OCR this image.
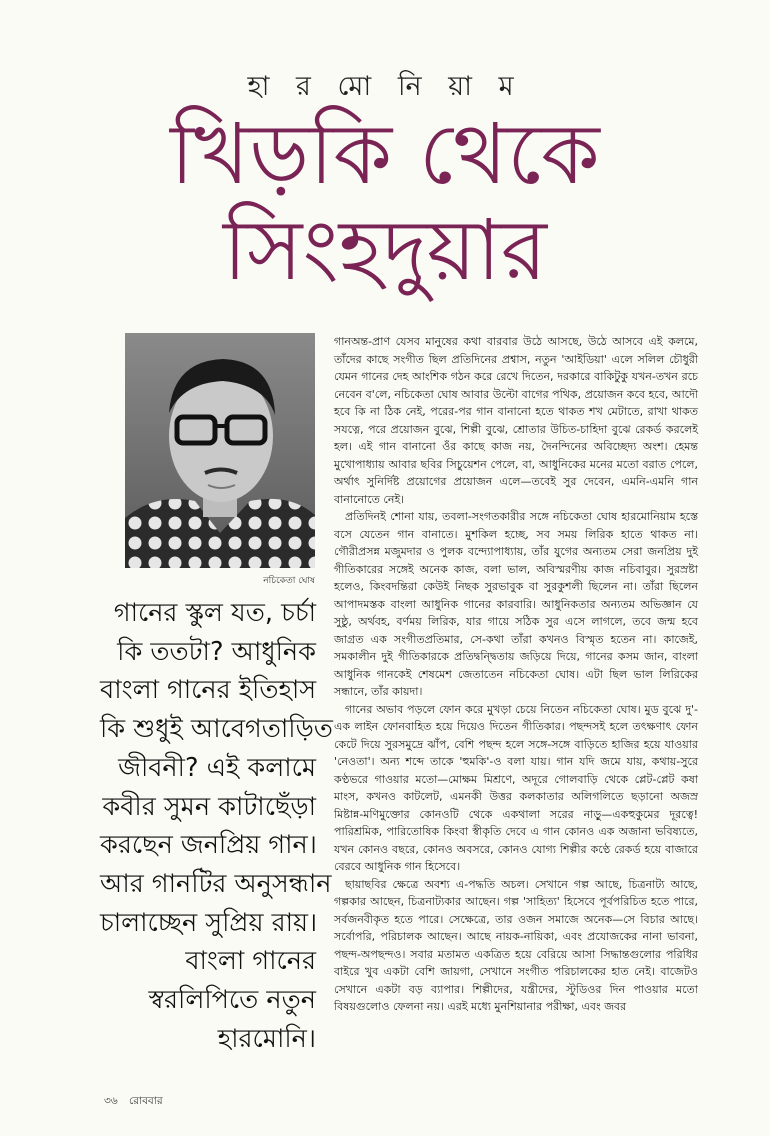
হা র মো নি য়া ম
খিড়কি থেকে
সিংহদুয়ার
নচিকেতা ঘোষ
গানের স্কুল যত, চর্চা
কি ততটা? আধুনিক
বাংলা গানের ইতিহাস
কি শুধুই আবেগতাড়িত
জীবনী? এই কলামে
কবীর সুমন কাটাছেঁড়া
করছেন জনপ্রিয় গান।
আর গানটির অনুসন্ধান
চালাচ্ছেন সুপ্রিয় রায়।
বাংলা গানের
স্বরলিপিতে নতুন
হারমোনি।

গানঅন্ত-প্রাণ যেসব মানুষের কথা বারবার উঠে আসছে, উঠে আসবে এই কলমে, তাঁদের কাছে সংগীত ছিল প্রতিদিনের প্রশ্বাস, নতুন 'আইডিয়া' এলে সলিল চৌধুরী যেমন গানের দেহ আংশিক গঠন করে রেখে দিতেন, দরকারে বাকিটুকু যখন-তখন রচে নেবেন ব'লে, নচিকেতা ঘোষ আবার উল্টো বাগের পথিক, প্রয়োজন কবে হবে, আদৌ হবে কি না ঠিক নেই, পরের-পর গান বানানো হতে থাকত শখ মেটাতে, রাখা থাকত সযত্নে, পরে প্রয়োজন বুঝে, শিল্পী বুঝে, শ্রোতার উচিত-চাহিদা বুঝে রেকর্ড করলেই হল। এই গান বানানো ওঁর কাছে কাজ নয়, দৈনন্দিনের অবিচ্ছেদ্য অংশ। হেমন্ত মুখোপাধ্যায় আবার ছবির সিচুয়েশন পেলে, বা, আধুনিকের মনের মতো বরাত পেলে, অর্থাৎ সুনির্দিষ্ট প্রয়োগের প্রয়োজন এলে—তবেই সুর দেবেন, এমনি-এমনি গান বানানোতে নেই।

প্রতিদিনই শোনা যায়, তবলা-সংগতকারীর সঙ্গে নচিকেতা ঘোষ হারমোনিয়াম হস্তে বসে যেতেন গান বানাতে। মুশকিল হচ্ছে, সব সময় লিরিক হাতে থাকত না। গৌরীপ্রসন্ন মজুমদার ও পুলক বন্দ্যোপাধ্যায়, তাঁর যুগের অন্যতম সেরা জনপ্রিয় দুই গীতিকারের সঙ্গেই অনেক কাজ, বলা ভাল, অবিস্মরণীয় কাজ নচিবাবুর। সুরস্রষ্টা হলেও, কিংবদন্তিরা কেউই নিছক সুরভাবুক বা সুরকুশলী ছিলেন না। তাঁরা ছিলেন আপাদমস্তক বাংলা আধুনিক গানের কারবারি। আধুনিকতার অন্যতম অভিজ্ঞান যে সুষ্ঠু, অর্থবহ, বর্ণময় লিরিক, যার গায়ে সঠিক সুর এসে লাগলে, তবে জন্ম হবে জাগ্রত এক সংগীতপ্রতিমার, সে-কথা তাঁরা কখনও বিস্মৃত হতেন না। কাজেই, সমকালীন দুই গীতিকারকে প্রতিদ্বন্দ্বিতায় জড়িয়ে দিয়ে, গানের কসম জান, বাংলা আধুনিক গানকেই শেষমেশ জেতাতেন নচিকেতা ঘোষ। এটা ছিল ভাল লিরিকের সন্ধানে, তাঁর কায়দা।

গানের অভাব পড়লে ফোন করে মুখড়া চেয়ে নিতেন নচিকেতা ঘোষ। মুড বুঝে দু'-এক লাইন ফোনবাহিত হয়ে দিয়েও দিতেন গীতিকার। পছন্দসই হলে তৎক্ষণাৎ ফোন কেটে দিয়ে সুরসমুদ্রে ঝাঁপ, বেশি পছন্দ হলে সঙ্গে-সঙ্গে বাড়িতে হাজির হয়ে যাওয়ার 'নেওতা'। অন্য শব্দে তাকে 'হুমকি'-ও বলা যায়। গান যদি জমে যায়, কথায়-সুরে কণ্ঠভরে গাওয়ার মতো—মোক্ষম মিশ্রণে, অদূরে গোলবাড়ি থেকে প্লেট-প্লেট কষা মাংস, কখনও কাটলেট, এমনকী উত্তর কলকাতার অলিগলিতে ছড়ানো অজস্র মিষ্টান্ন-মণিমুক্তোর কোনওটি থেকে একথালা সরের নাড়ু—একহুকুমের দূরত্বে! পারিশ্রমিক, পারিতোষিক কিংবা স্বীকৃতি দেবে এ গান কোনও এক অজানা ভবিষ্যতে, যখন কোনও বছরে, কোনও অবসরে, কোনও যোগ্য শিল্পীর কণ্ঠে রেকর্ড হয়ে বাজারে বেরবে আধুনিক গান হিসেবে।

ছায়াছবির ক্ষেত্রে অবশ্য এ-পদ্ধতি অচল। সেখানে গল্প আছে, চিত্রনাট্য আছে, গল্পকার আছেন, চিত্রনাট্যকার আছেন। গল্প 'সাহিত্য' হিসেবে পূর্বপরিচিত হতে পারে, সর্বজনবীকৃত হতে পারে। সেক্ষেত্রে, তার ওজন সমাজে অনেক—সে বিচার আছে। সর্বোপরি, পরিচালক আছেন। আছে নায়ক-নায়িকা, এবং প্রযোজকের নানা ভাবনা, পছন্দ-অপছন্দও। সবার মতামত একত্রিত হয়ে বেরিয়ে আসা সিদ্ধান্তগুলোর পরিধির বাইরে খুব একটা বেশি জায়গা, সেখানে সংগীত পরিচালকের হাত নেই। বাজেটও সেখানে একটা বড় ব্যাপার। শিল্পীদের, যন্ত্রীদের, স্টুডিওর দিন পাওয়ার মতো বিষয়গুলোও ফেলনা নয়। এরই মধ্যে মুনশিয়ানার পরীক্ষা, এবং জবর

৩৬ রোববার
